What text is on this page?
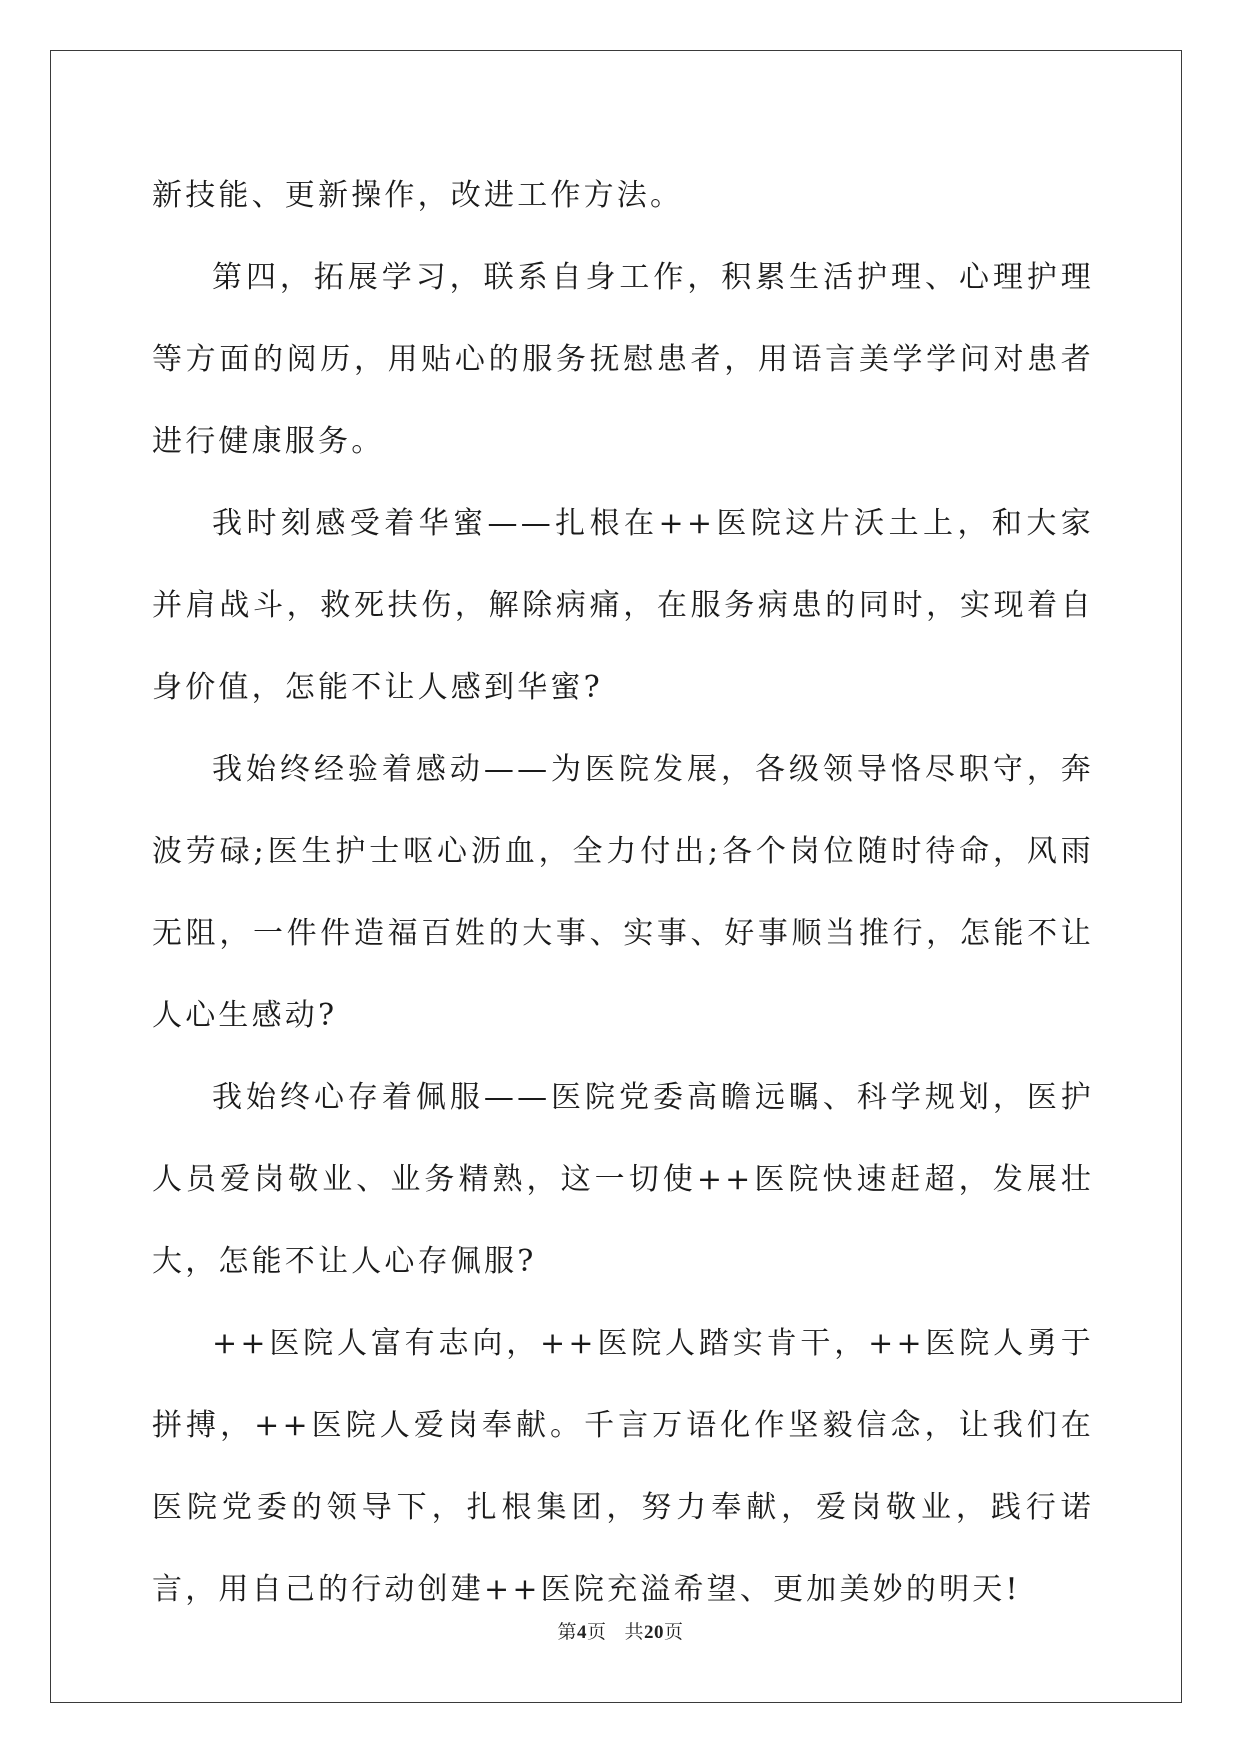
新技能、更新操作，改进工作方法。

第四，拓展学习，联系自身工作，积累生活护理、心理护理等方面的阅历，用贴心的服务抚慰患者，用语言美学学问对患者进行健康服务。

我时刻感受着华蜜——扎根在++医院这片沃土上，和大家并肩战斗，救死扶伤，解除病痛，在服务病患的同时，实现着自身价值，怎能不让人感到华蜜?

我始终经验着感动——为医院发展，各级领导恪尽职守，奔波劳碌;医生护士呕心沥血，全力付出;各个岗位随时待命，风雨无阻，一件件造福百姓的大事、实事、好事顺当推行，怎能不让人心生感动?

我始终心存着佩服——医院党委高瞻远瞩、科学规划，医护人员爱岗敬业、业务精熟，这一切使++医院快速赶超，发展壮大，怎能不让人心存佩服?

++医院人富有志向，++医院人踏实肯干，++医院人勇于拼搏，++医院人爱岗奉献。千言万语化作坚毅信念，让我们在医院党委的领导下，扎根集团，努力奉献，爱岗敬业，践行诺言，用自己的行动创建++医院充溢希望、更加美妙的明天!

第4页 共20页
